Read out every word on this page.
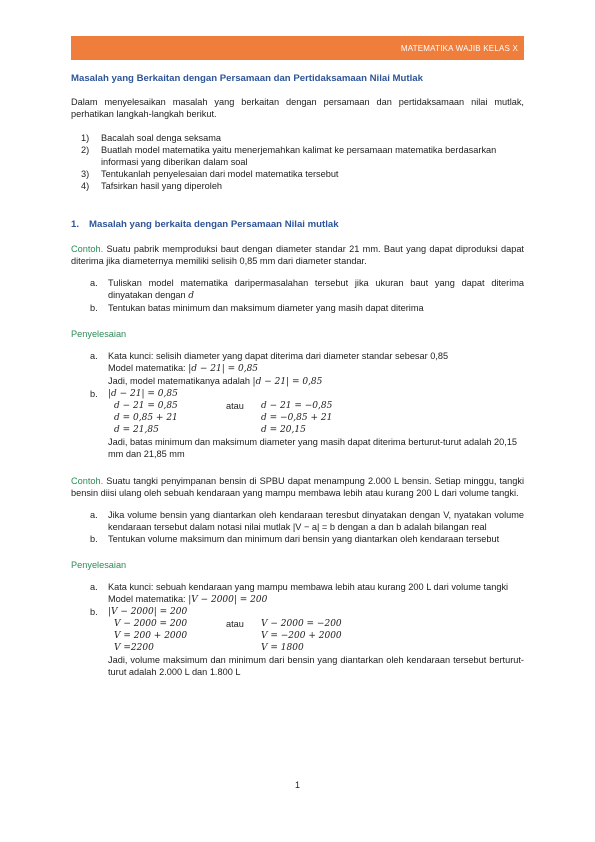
MATEMATIKA WAJIB KELAS X
Masalah yang Berkaitan dengan Persamaan dan Pertidaksamaan Nilai Mutlak

Dalam menyelesaikan masalah yang berkaitan dengan persamaan dan pertidaksamaan nilai mutlak, perhatikan langkah-langkah berikut.

1) Bacalah soal denga seksama
2) Buatlah model matematika yaitu menerjemahkan kalimat ke persamaan matematika berdasarkan informasi yang diberikan dalam soal
3) Tentukanlah penyelesaian dari model matematika tersebut
4) Tafsirkan hasil yang diperoleh
1. Masalah yang berkaita dengan Persamaan Nilai mutlak

Contoh. Suatu pabrik memproduksi baut dengan diameter standar 21 mm. Baut yang dapat diproduksi dapat diterima jika diameternya memiliki selisih 0,85 mm dari diameter standar.

a. Tuliskan model matematika daripermasalahan tersebut jika ukuran baut yang dapat diterima dinyatakan dengan d
b. Tentukan batas minimum dan maksimum diameter yang masih dapat diterima
Penyelesaian
a. Kata kunci: selisih diameter yang dapat diterima dari diameter standar sebesar 0,85
Model matematika: |d − 21| = 0,85
Jadi, model matematikanya adalah |d − 21| = 0,85
b. |d − 21| = 0,85
d − 21 = 0,85	atau	d − 21 = −0,85
d = 0,85 + 21	d = −0,85 + 21
d = 21,85	d = 20,15
Jadi, batas minimum dan maksimum diameter yang masih dapat diterima berturut-turut adalah 20,15 mm dan 21,85 mm

Contoh. Suatu tangki penyimpanan bensin di SPBU dapat menampung 2.000 L bensin. Setiap minggu, tangki bensin diisi ulang oleh sebuah kendaraan yang mampu membawa lebih atau kurang 200 L dari volume tangki.

a. Jika volume bensin yang diantarkan oleh kendaraan teresbut dinyatakan dengan V, nyatakan volume kendaraan tersebut dalam notasi nilai mutlak |V − a| = b dengan a dan b adalah bilangan real
b. Tentukan volume maksimum dan minimum dari bensin yang diantarkan oleh kendaraan tersebut
Penyelesaian
a. Kata kunci: sebuah kendaraan yang mampu membawa lebih atau kurang 200 L dari volume tangki
Model matematika: |V − 2000| = 200
b. |V − 2000| = 200
V − 2000 = 200	atau	V − 2000 = −200
V = 200 + 2000	V = −200 + 2000
V =2200	V = 1800
Jadi, volume maksimum dan minimum dari bensin yang diantarkan oleh kendaraan tersebut berturut-turut adalah 2.000 L dan 1.800 L
1
